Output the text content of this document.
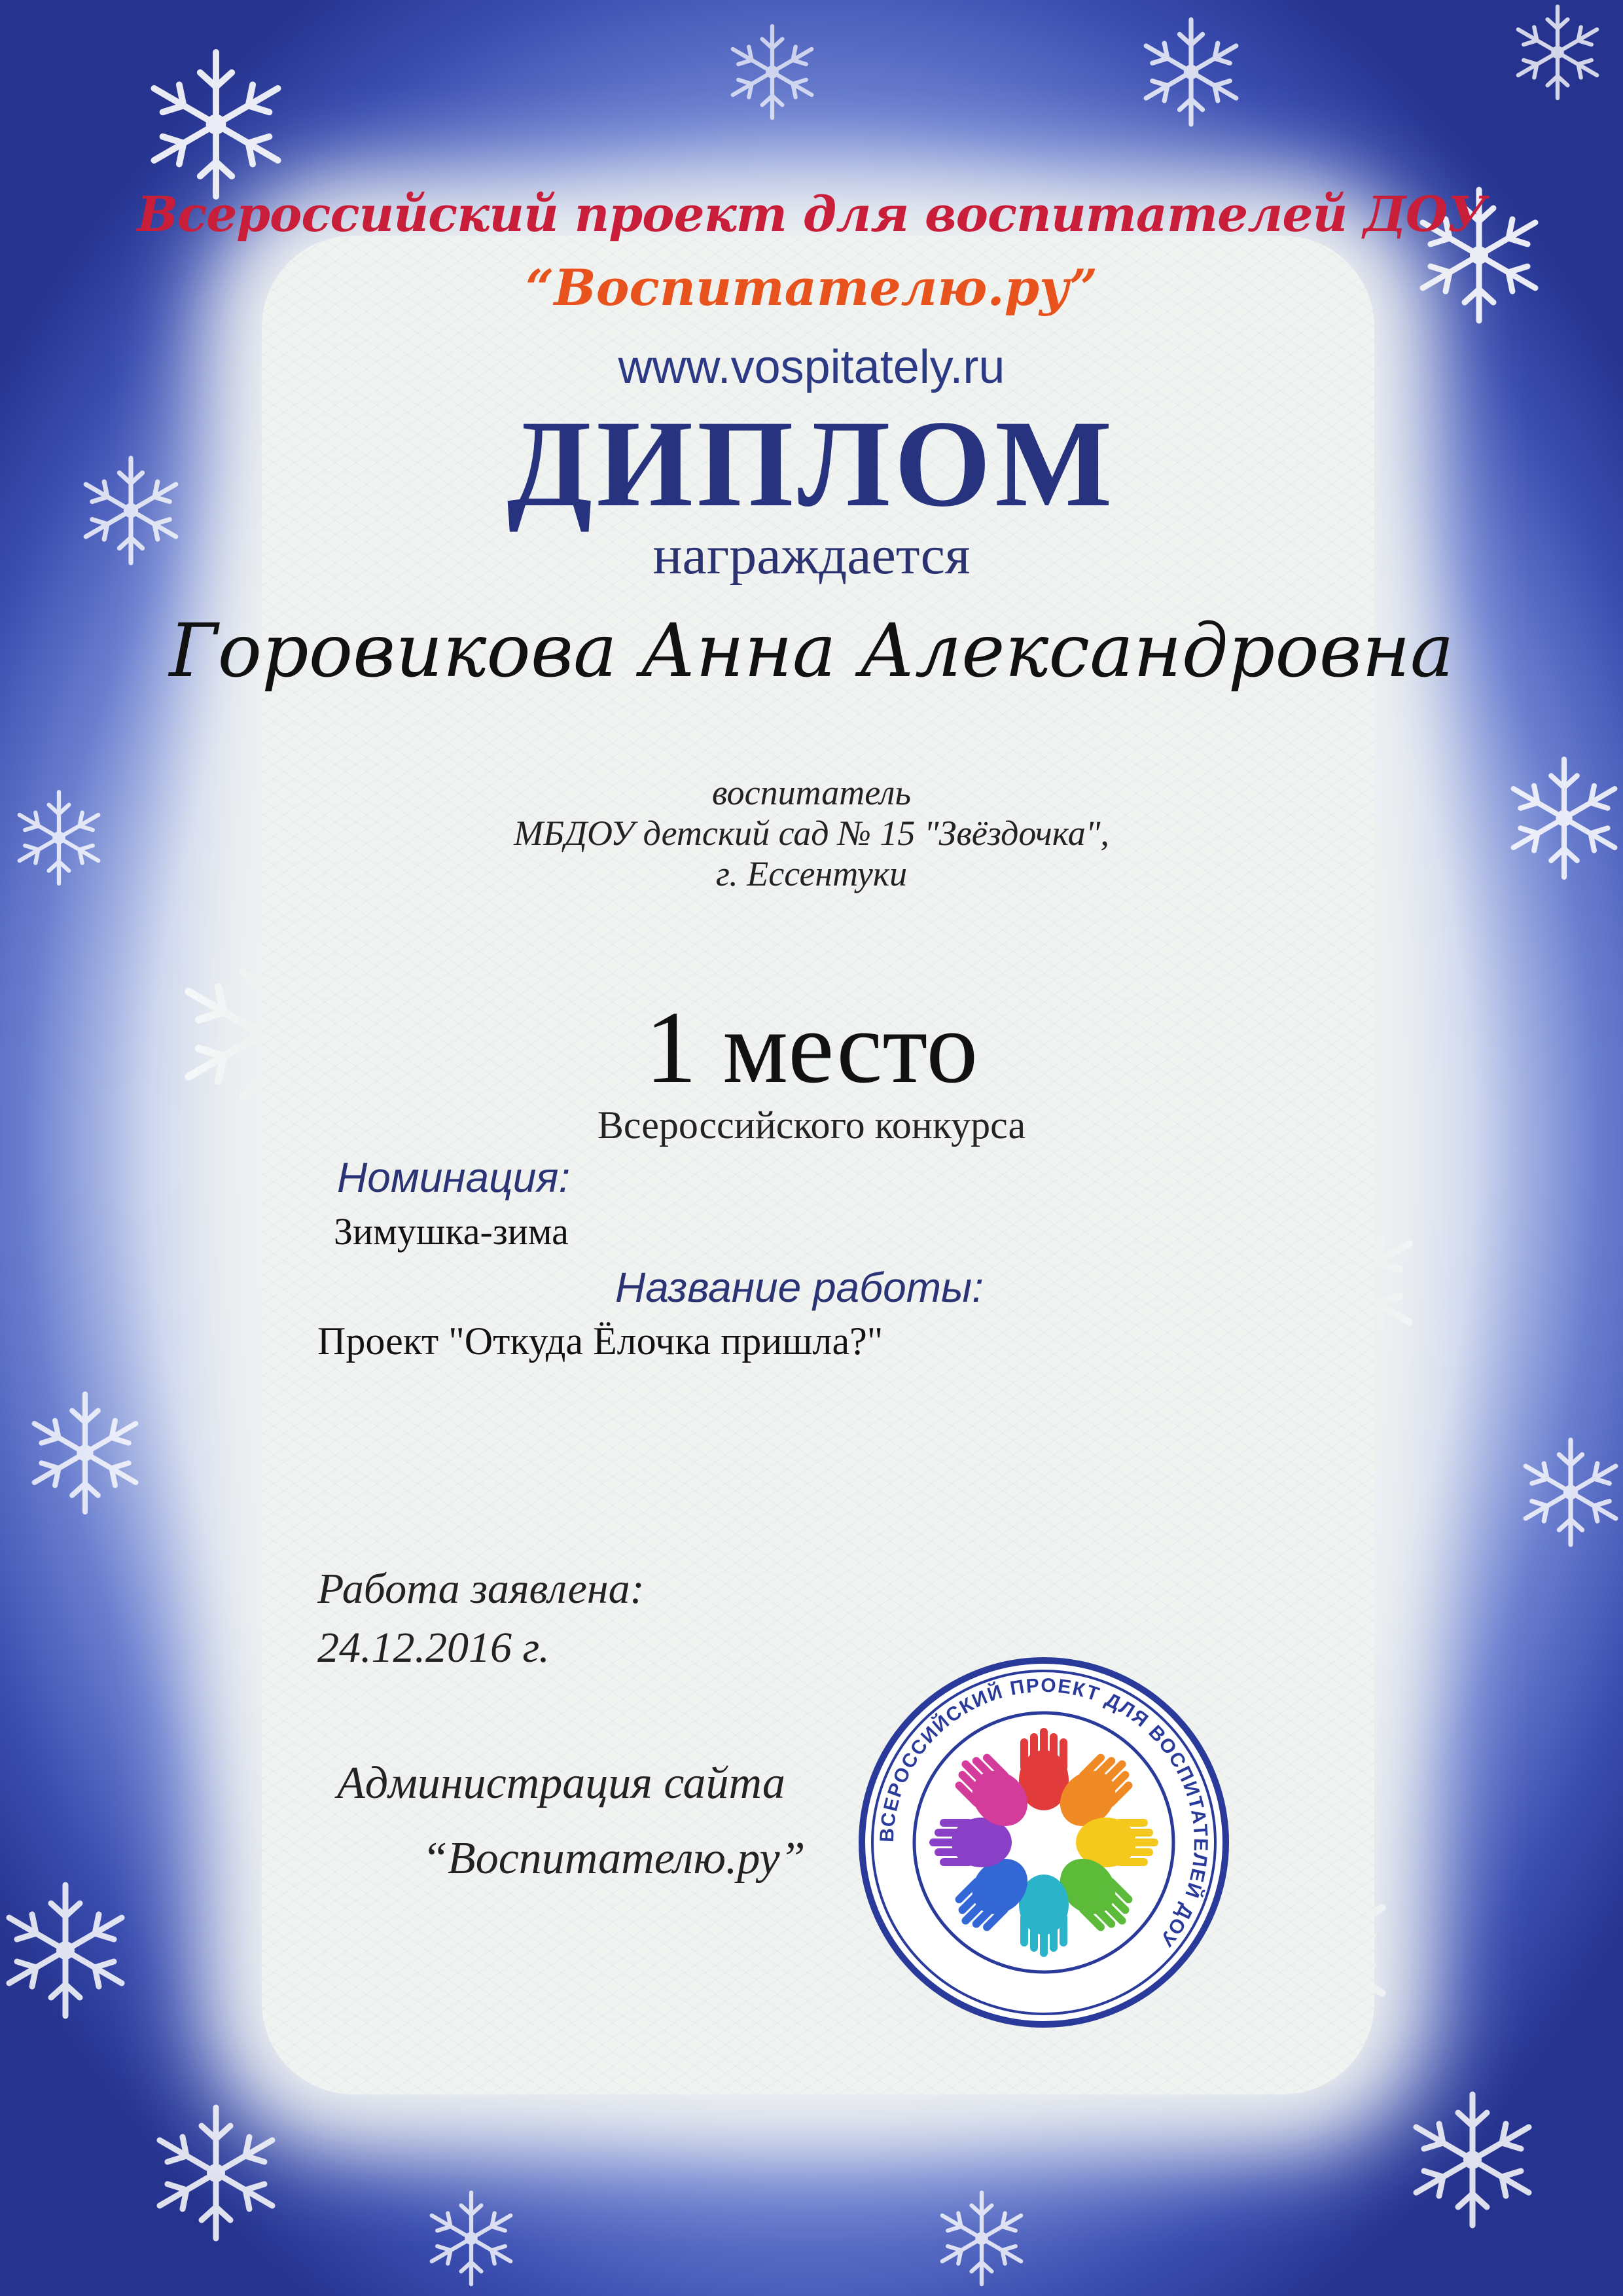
Всероссийский проект для воспитателей ДОУ
“Воспитателю.ру”
www.vospitately.ru
ДИПЛОМ
награждается
Горовикова Анна Александровна
воспитатель
МБДОУ детский сад № 15 "Звёздочка",
г. Ессентуки
1 место
Всероссийского конкурса
Номинация:
Зимушка-зима
Название работы:
Проект "Откуда Ёлочка пришла?"
Работа заявлена:
24.12.2016 г.
Администрация сайта
“Воспитателю.ру”	ВСЕРОССИЙСКИЙ ПРОЕКТ ДЛЯ ВОСПИТАТЕЛЕЙ ДОУ
